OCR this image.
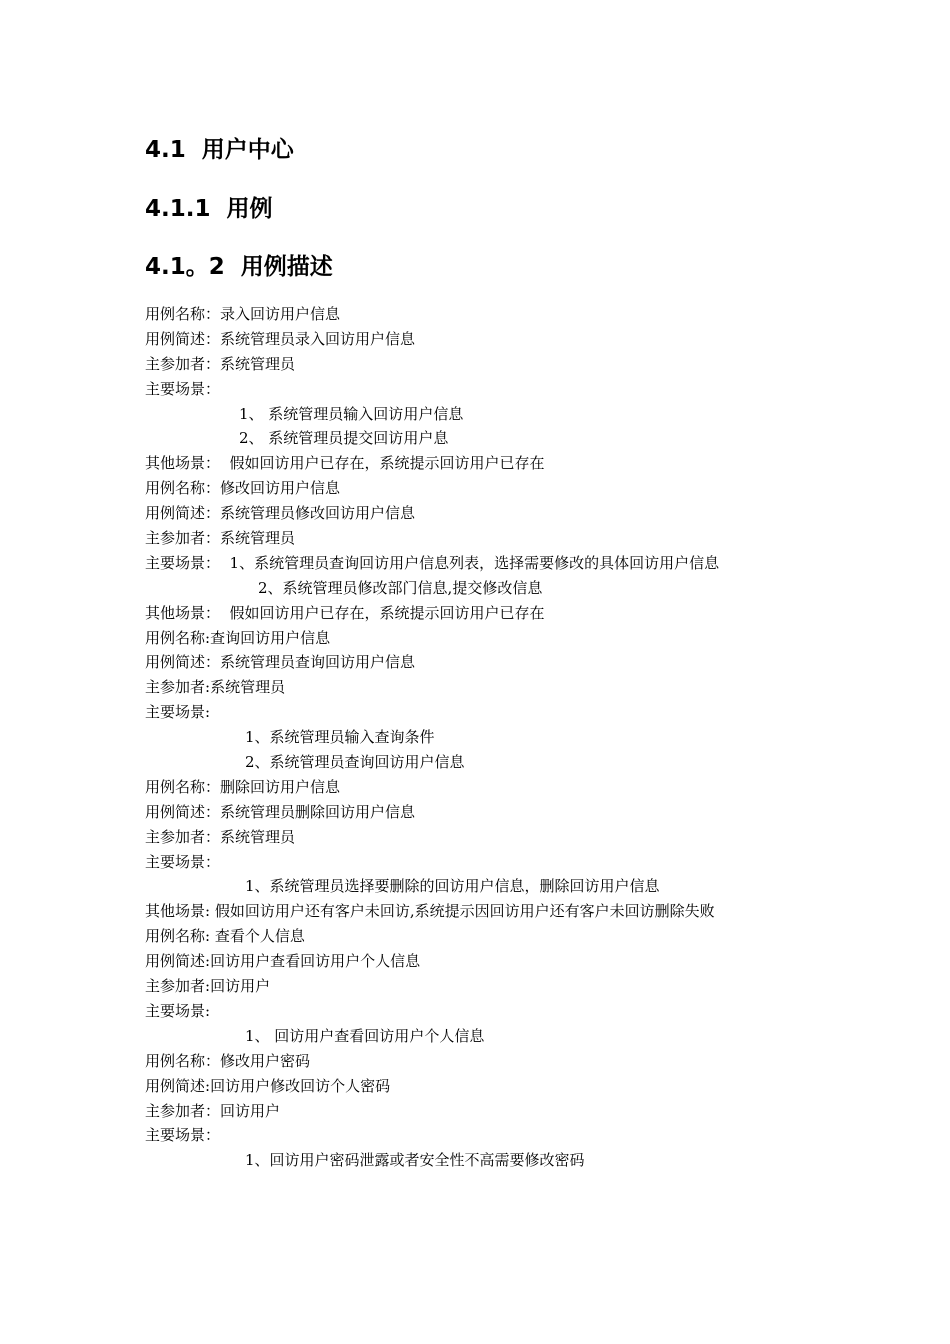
4.1  用户中心
4.1.1  用例
4.1。2  用例描述
用例名称：录入回访用户信息
用例简述：系统管理员录入回访用户信息
主参加者：系统管理员
主要场景：
1、 系统管理员输入回访用户信息
2、 系统管理员提交回访用户息
其他场景：  假如回访用户已存在，系统提示回访用户已存在
用例名称：修改回访用户信息
用例简述：系统管理员修改回访用户信息
主参加者：系统管理员
主要场景：  1、系统管理员查询回访用户信息列表，选择需要修改的具体回访用户信息
2、系统管理员修改部门信息,提交修改信息
其他场景：  假如回访用户已存在，系统提示回访用户已存在
用例名称:查询回访用户信息
用例简述：系统管理员查询回访用户信息
主参加者:系统管理员
主要场景:
1、系统管理员输入查询条件
2、系统管理员查询回访用户信息
用例名称：删除回访用户信息
用例简述：系统管理员删除回访用户信息
主参加者：系统管理员
主要场景：
1、系统管理员选择要删除的回访用户信息，删除回访用户信息
其他场景: 假如回访用户还有客户未回访,系统提示因回访用户还有客户未回访删除失败
用例名称: 查看个人信息
用例简述:回访用户查看回访用户个人信息
主参加者:回访用户
主要场景:
1、 回访用户查看回访用户个人信息
用例名称：修改用户密码
用例简述:回访用户修改回访个人密码
主参加者：回访用户
主要场景：
1、回访用户密码泄露或者安全性不高需要修改密码
